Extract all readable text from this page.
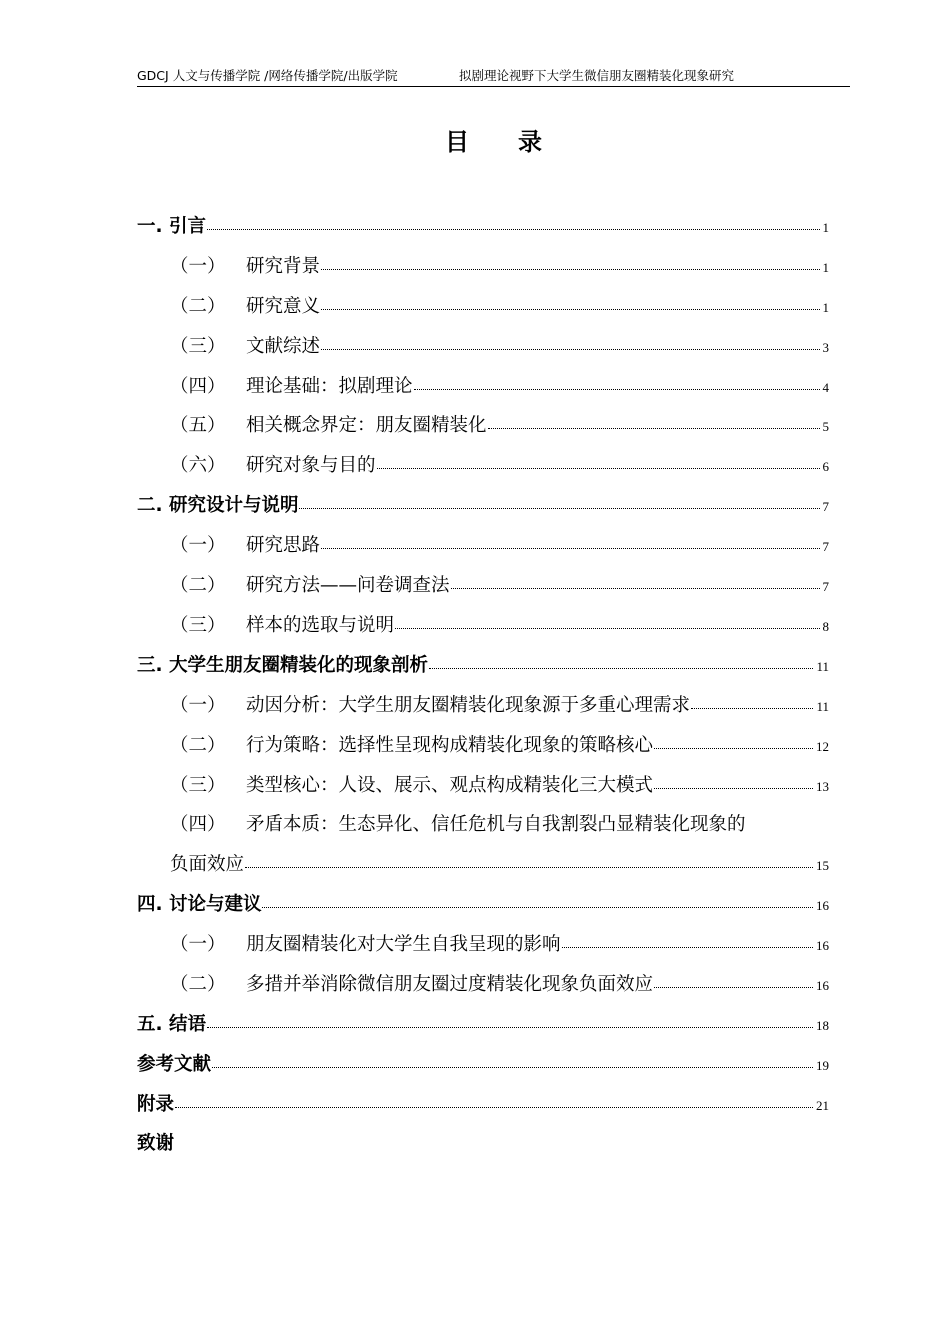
GDCJ 人文与传播学院 /网络传播学院/出版学院	拟剧理论视野下大学生微信朋友圈精装化现象研究
目 录
一. 引言	1
（一）	研究背景	1
（二）	研究意义	1
（三）	文献综述	3
（四）	理论基础：拟剧理论	4
（五）	相关概念界定：朋友圈精装化	5
（六）	研究对象与目的	6
二. 研究设计与说明	7
（一）	研究思路	7
（二）	研究方法——问卷调查法	7
（三）	样本的选取与说明	8
三. 大学生朋友圈精装化的现象剖析	11
（一）	动因分析：大学生朋友圈精装化现象源于多重心理需求	11
（二）	行为策略：选择性呈现构成精装化现象的策略核心	12
（三）	类型核心：人设、展示、观点构成精装化三大模式	13
（四）	矛盾本质：生态异化、信任危机与自我割裂凸显精装化现象的
负面效应	15
四. 讨论与建议	16
（一）	朋友圈精装化对大学生自我呈现的影响	16
（二）	多措并举消除微信朋友圈过度精装化现象负面效应	16
五. 结语	18
参考文献	19
附录	21
致谢
